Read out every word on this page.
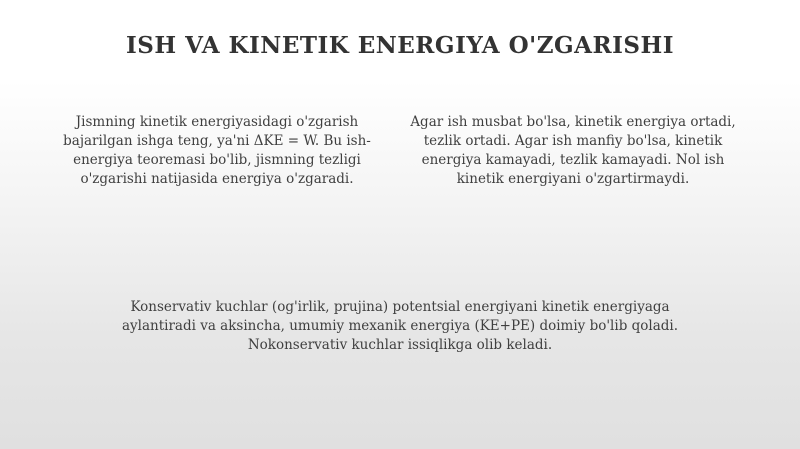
ISH VA KINETIK ENERGIYA O'ZGARISHI

Jismning kinetik energiyasidagi o'zgarish bajarilgan ishga teng, ya'ni ΔKE = W. Bu ish-energiya teoremasi bo'lib, jismning tezligi o'zgarishi natijasida energiya o'zgaradi.

Agar ish musbat bo'lsa, kinetik energiya ortadi, tezlik ortadi. Agar ish manfiy bo'lsa, kinetik energiya kamayadi, tezlik kamayadi. Nol ish kinetik energiyani o'zgartirmaydi.

Konservativ kuchlar (og'irlik, prujina) potentsial energiyani kinetik energiyaga aylantiradi va aksincha, umumiy mexanik energiya (KE+PE) doimiy bo'lib qoladi. Nokonservativ kuchlar issiqlikga olib keladi.
